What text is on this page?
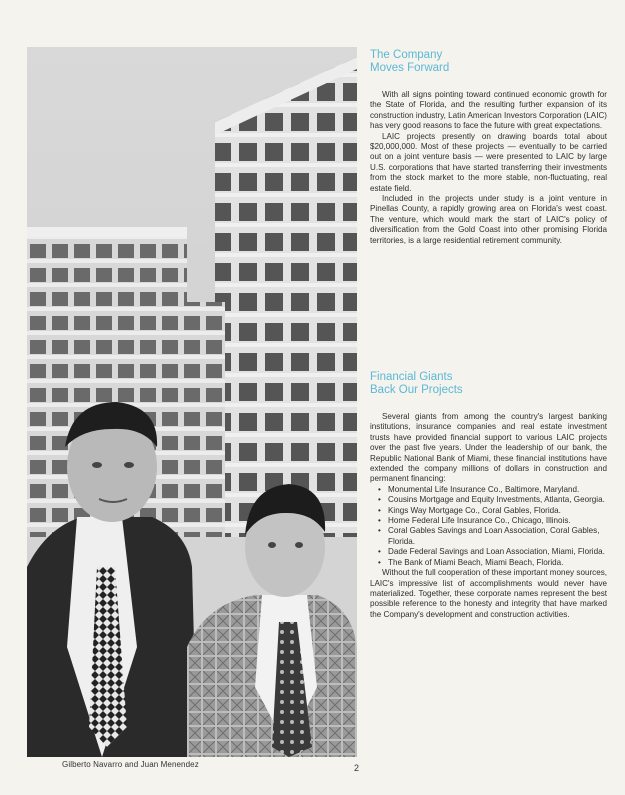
Gilberto Navarro and Juan Menendez	2
The Company
Moves Forward

With all signs pointing toward continued economic growth for the State of Florida, and the resulting further expansion of its construction industry, Latin American Investors Corporation (LAIC) has very good reasons to face the future with great expectations.

LAIC projects presently on drawing boards total about $20,000,000. Most of these projects — eventually to be carried out on a joint venture basis — were presented to LAIC by large U.S. corporations that have started transferring their investments from the stock market to the more stable, non-fluctuating, real estate field.

Included in the projects under study is a joint venture in Pinellas County, a rapidly growing area on Florida's west coast. The venture, which would mark the start of LAIC's policy of diversification from the Gold Coast into other promising Florida territories, is a large residential retirement community.

Financial Giants
Back Our Projects

Several giants from among the country's largest banking institutions, insurance companies and real estate investment trusts have provided financial support to various LAIC projects over the past five years. Under the leadership of our bank, the Republic National Bank of Miami, these financial institutions have extended the company millions of dollars in construction and permanent financing:

• Monumental Life Insurance Co., Baltimore, Maryland.
• Cousins Mortgage and Equity Investments, Atlanta, Georgia.
• Kings Way Mortgage Co., Coral Gables, Florida.
• Home Federal Life Insurance Co., Chicago, Illinois.
• Coral Gables Savings and Loan Association, Coral Gables, Florida.
• Dade Federal Savings and Loan Association, Miami, Florida.
• The Bank of Miami Beach, Miami Beach, Florida.

Without the full cooperation of these important money sources, LAIC's impressive list of accomplishments would never have materialized. Together, these corporate names represent the best possible reference to the honesty and integrity that have marked the Company's development and construction activities.
